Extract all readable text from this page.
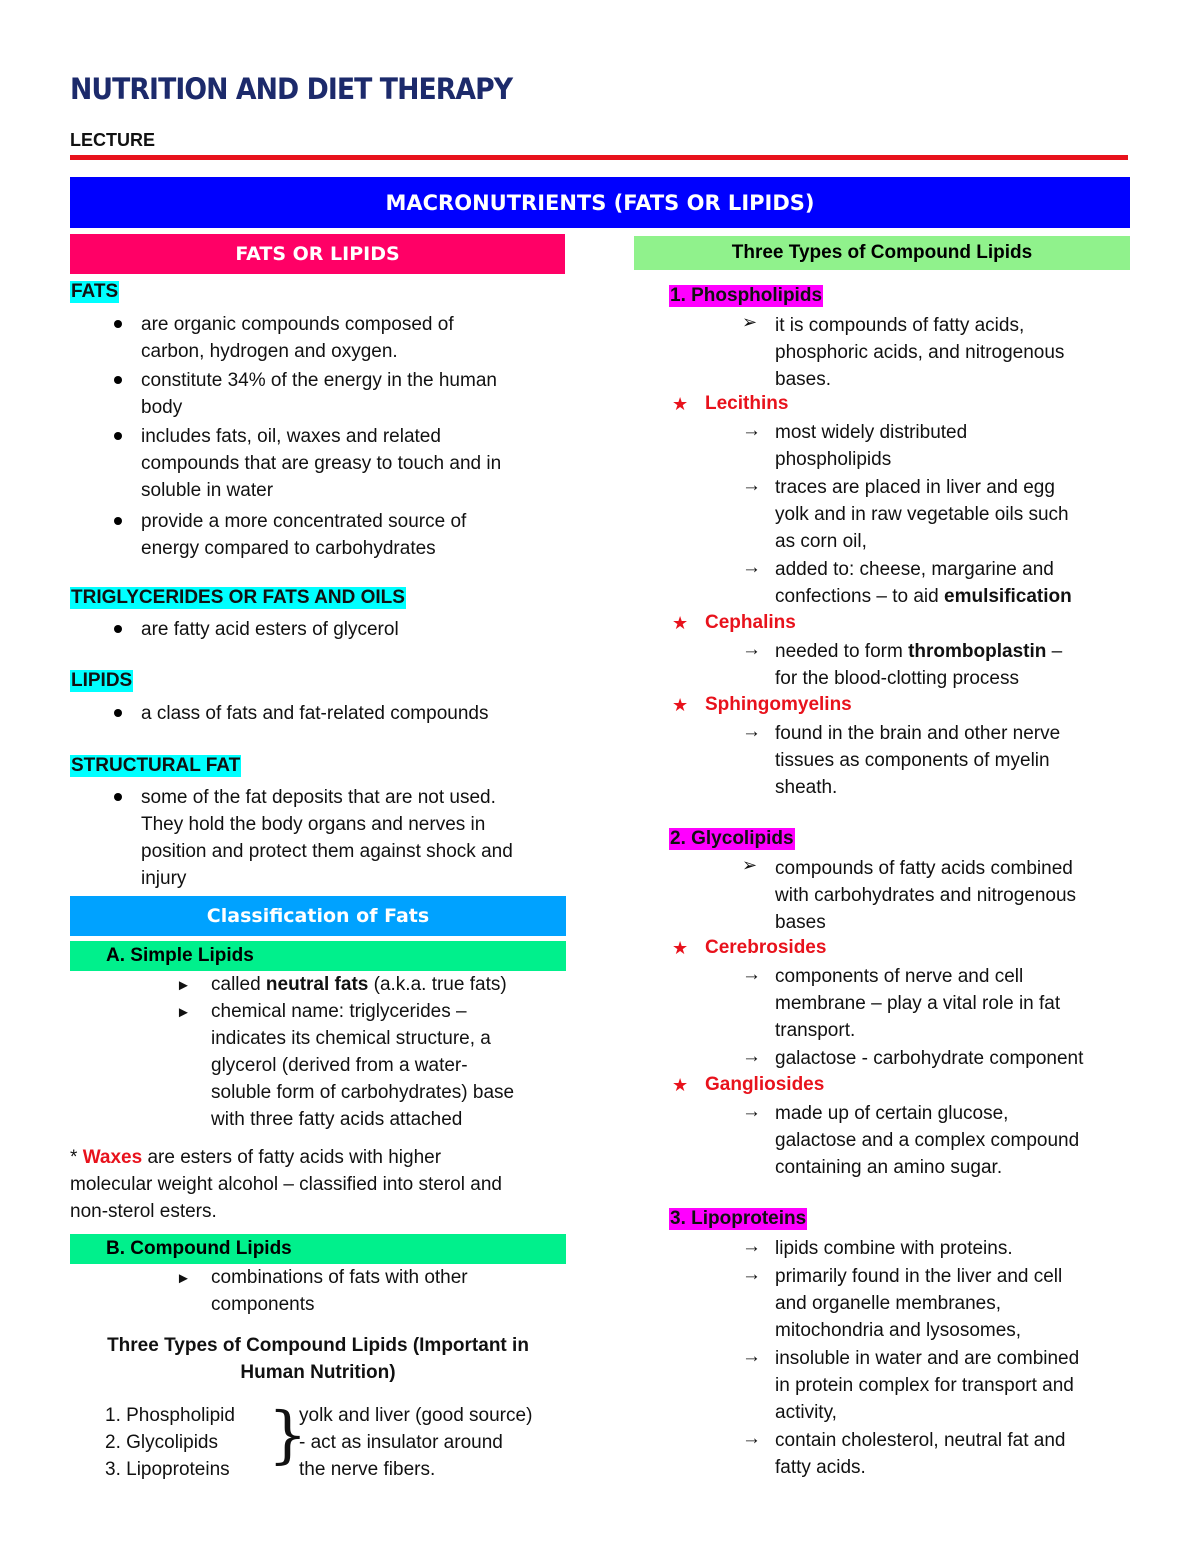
NUTRITION AND DIET THERAPY
LECTURE
MACRONUTRIENTS (FATS OR LIPIDS)
FATS OR LIPIDS
FATS
are organic compounds composed of
carbon, hydrogen and oxygen.
constitute 34% of the energy in the human
body
includes fats, oil, waxes and related
compounds that are greasy to touch and in
soluble in water
provide a more concentrated source of
energy compared to carbohydrates
TRIGLYCERIDES OR FATS AND OILS
are fatty acid esters of glycerol
LIPIDS
a class of fats and fat-related compounds
STRUCTURAL FAT
some of the fat deposits that are not used.
They hold the body organs and nerves in
position and protect them against shock and
injury
Classification of Fats
A. Simple Lipids
► called neutral fats (a.k.a. true fats)
► chemical name: triglycerides –
indicates its chemical structure, a
glycerol (derived from a water-
soluble form of carbohydrates) base
with three fatty acids attached
* Waxes are esters of fatty acids with higher
molecular weight alcohol – classified into sterol and
non-sterol esters.
B. Compound Lipids
► combinations of fats with other
components
Three Types of Compound Lipids (Important in
Human Nutrition)
1. Phospholipid
2. Glycolipids
3. Lipoproteins }
yolk and liver (good source)
- act as insulator around
the nerve fibers.
Three Types of Compound Lipids
1. Phospholipids
➢ it is compounds of fatty acids,
phosphoric acids, and nitrogenous
bases.
★ Lecithins
→ most widely distributed
phospholipids
→ traces are placed in liver and egg
yolk and in raw vegetable oils such
as corn oil,
→ added to: cheese, margarine and
confections – to aid emulsification
★ Cephalins
→ needed to form thromboplastin –
for the blood-clotting process
★ Sphingomyelins
→ found in the brain and other nerve
tissues as components of myelin
sheath.
2. Glycolipids
➢ compounds of fatty acids combined
with carbohydrates and nitrogenous
bases
★ Cerebrosides
→ components of nerve and cell
membrane – play a vital role in fat
transport.
→ galactose - carbohydrate component
★ Gangliosides
→ made up of certain glucose,
galactose and a complex compound
containing an amino sugar.
3. Lipoproteins
→ lipids combine with proteins.
→ primarily found in the liver and cell
and organelle membranes,
mitochondria and lysosomes,
→ insoluble in water and are combined
in protein complex for transport and
activity,
→ contain cholesterol, neutral fat and
fatty acids.
